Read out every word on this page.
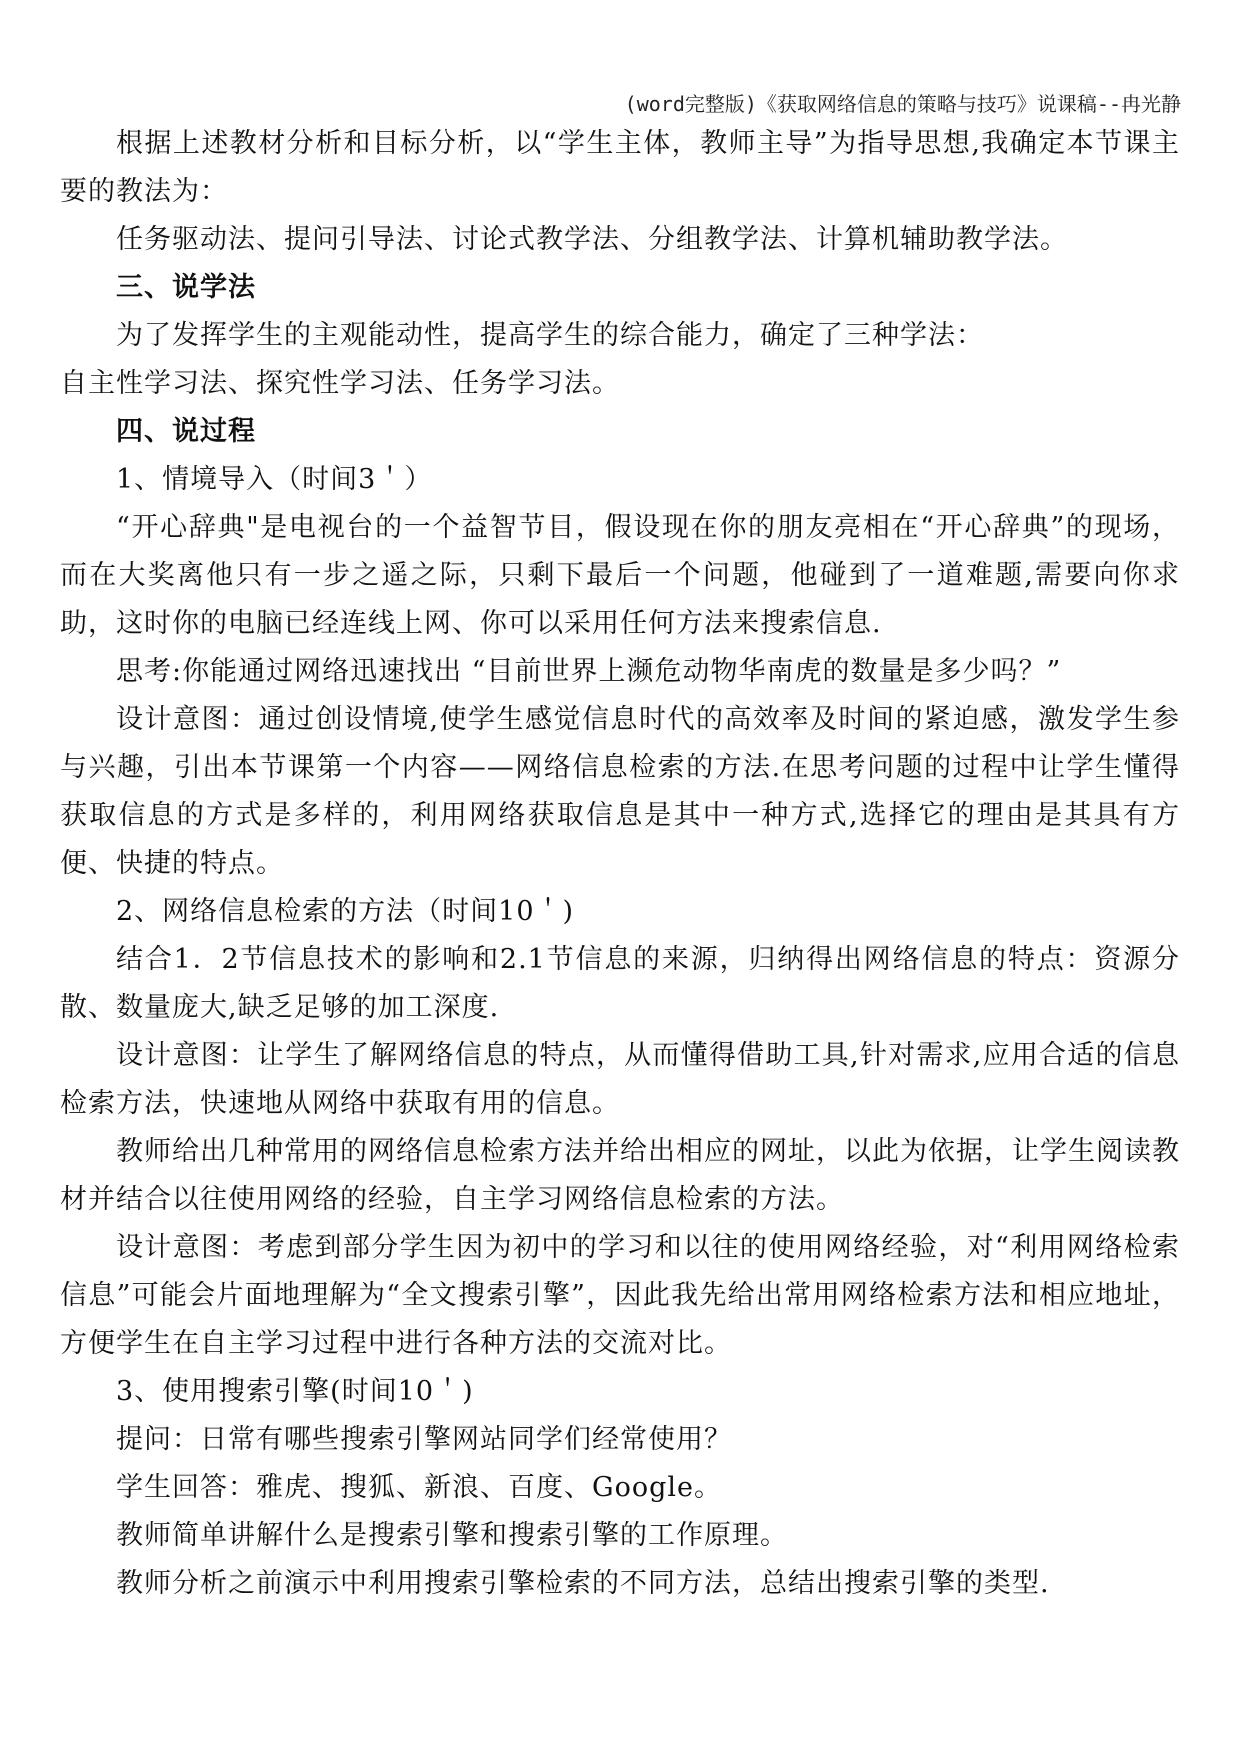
(word完整版)《获取网络信息的策略与技巧》说课稿--冉光静

根据上述教材分析和目标分析，以“学生主体，教师主导”为指导思想,我确定本节课主要的教法为：

任务驱动法、提问引导法、讨论式教学法、分组教学法、计算机辅助教学法。

三、说学法

为了发挥学生的主观能动性，提高学生的综合能力，确定了三种学法：

自主性学习法、探究性学习法、任务学习法。

四、说过程

1、情境导入（时间3＇）

“开心辞典"是电视台的一个益智节目，假设现在你的朋友亮相在“开心辞典”的现场，而在大奖离他只有一步之遥之际，只剩下最后一个问题，他碰到了一道难题,需要向你求助，这时你的电脑已经连线上网、你可以采用任何方法来搜索信息.

思考:你能通过网络迅速找出 “目前世界上濒危动物华南虎的数量是多少吗？”

设计意图：通过创设情境,使学生感觉信息时代的高效率及时间的紧迫感，激发学生参与兴趣，引出本节课第一个内容——网络信息检索的方法.在思考问题的过程中让学生懂得获取信息的方式是多样的，利用网络获取信息是其中一种方式,选择它的理由是其具有方便、快捷的特点。

2、网络信息检索的方法（时间10＇)

结合1．2节信息技术的影响和2.1节信息的来源，归纳得出网络信息的特点：资源分散、数量庞大,缺乏足够的加工深度.

设计意图：让学生了解网络信息的特点，从而懂得借助工具,针对需求,应用合适的信息检索方法，快速地从网络中获取有用的信息。

教师给出几种常用的网络信息检索方法并给出相应的网址，以此为依据，让学生阅读教材并结合以往使用网络的经验，自主学习网络信息检索的方法。

设计意图：考虑到部分学生因为初中的学习和以往的使用网络经验，对“利用网络检索信息”可能会片面地理解为“全文搜索引擎”，因此我先给出常用网络检索方法和相应地址，方便学生在自主学习过程中进行各种方法的交流对比。

3、使用搜索引擎(时间10＇)

提问：日常有哪些搜索引擎网站同学们经常使用？

学生回答：雅虎、搜狐、新浪、百度、Google。

教师简单讲解什么是搜索引擎和搜索引擎的工作原理。

教师分析之前演示中利用搜索引擎检索的不同方法，总结出搜索引擎的类型.
